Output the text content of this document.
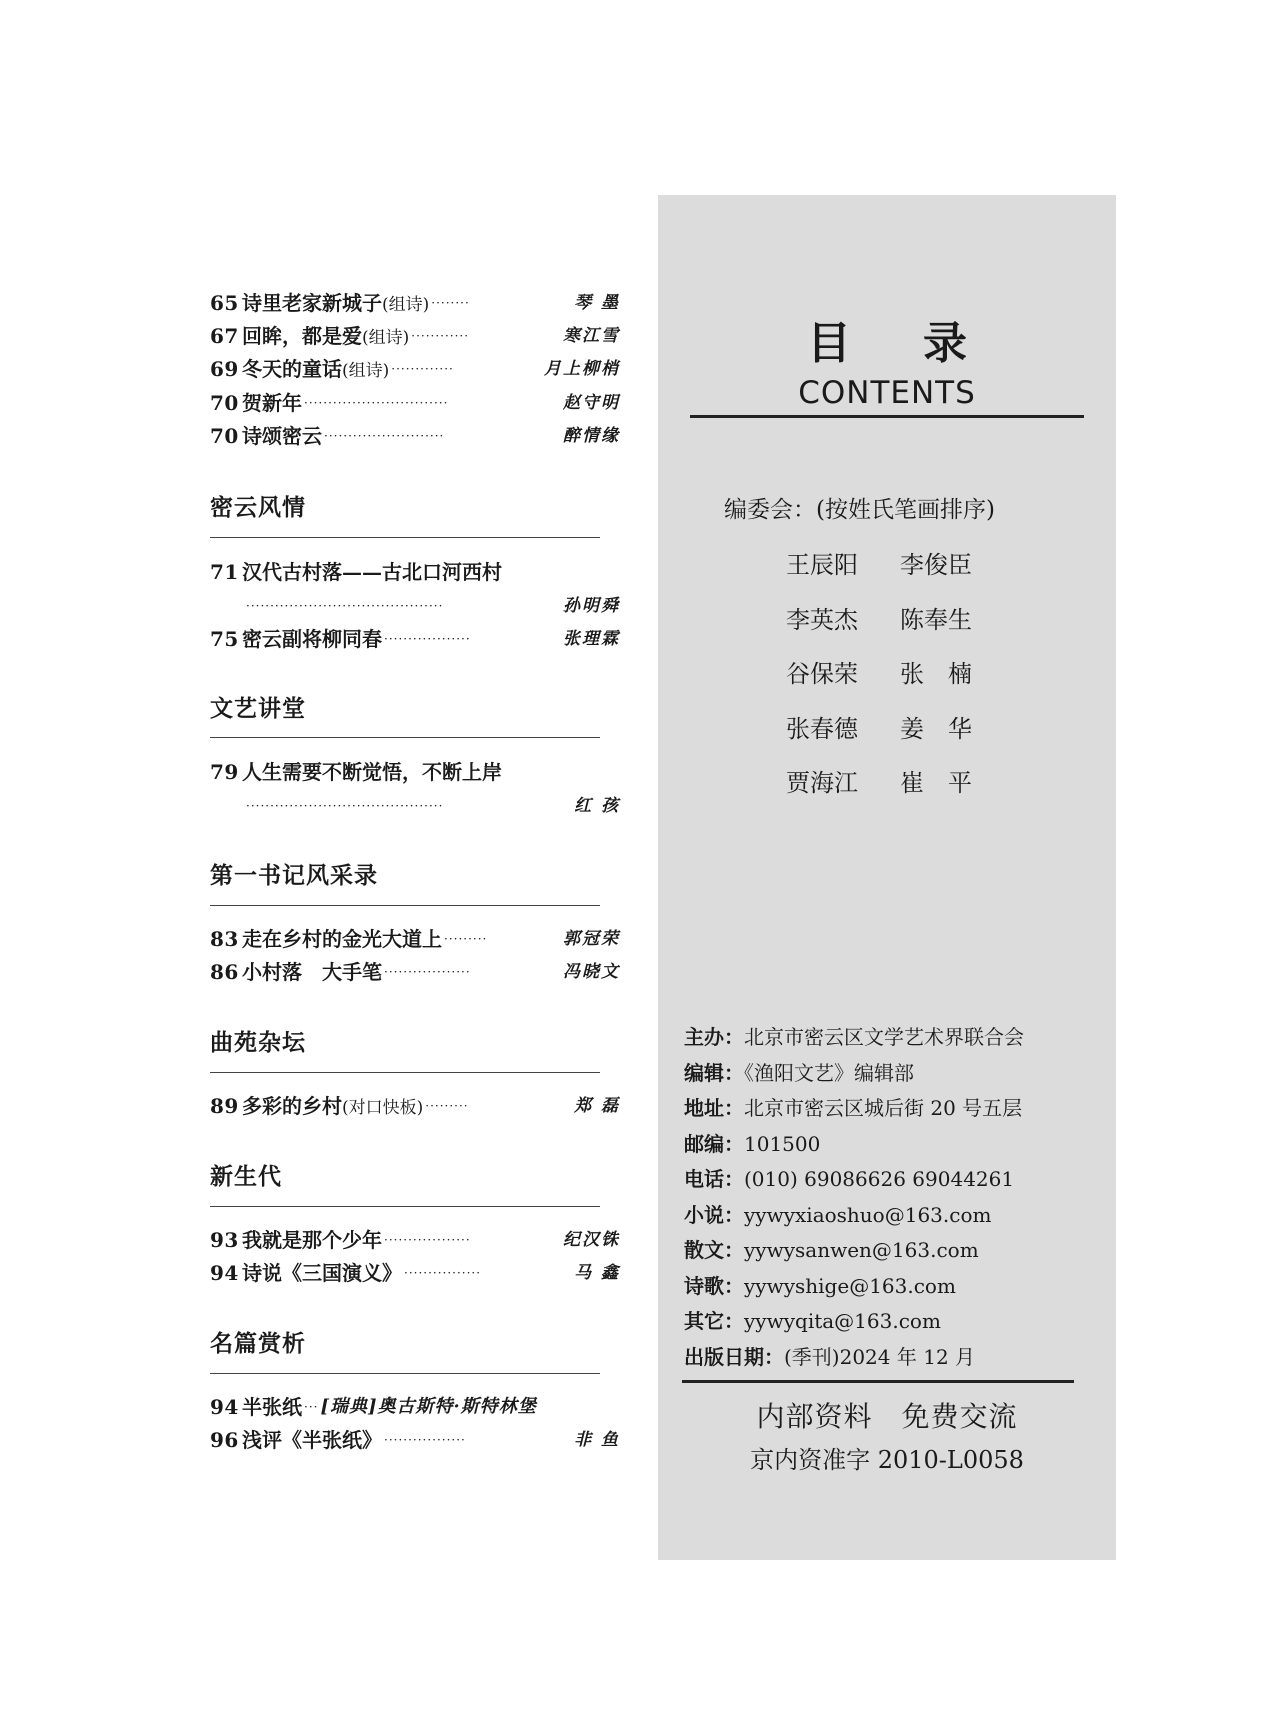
65 诗里老家新城子(组诗) ········	琴 墨
67 回眸，都是爱(组诗) ············	寒江雪
69 冬天的童话(组诗) ·············	月上柳梢
70 贺新年 ······························	赵守明
70 诗颂密云 ·························	醉情缘
密云风情
71 汉代古村落——古北口河西村
·········································	孙明舜
75 密云副将柳同春 ··················	张理霖
文艺讲堂
79 人生需要不断觉悟，不断上岸
·········································	红 孩
第一书记风采录
83 走在乡村的金光大道上 ·········	郭冠荣
86 小村落　大手笔 ··················	冯晓文
曲苑杂坛
89 多彩的乡村(对口快板) ·········	郑 磊
新生代
93 我就是那个少年 ··················	纪汉铢
94 诗说《三国演义》 ················	马 鑫
名篇赏析
94 半张纸 ··· [瑞典]奥古斯特·斯特林堡
96 浅评《半张纸》 ·················	非 鱼
目录
CONTENTS
编委会：(按姓氏笔画排序)
王辰阳 李俊臣
李英杰 陈奉生
谷保荣 张　楠
张春德 姜　华
贾海江 崔　平
主办：北京市密云区文学艺术界联合会
编辑：《渔阳文艺》编辑部
地址：北京市密云区城后街 20 号五层
邮编：101500
电话：(010) 69086626 69044261
小说：yywyxiaoshuo@163.com
散文：yywysanwen@163.com
诗歌：yywyshige@163.com
其它：yywyqita@163.com
出版日期：(季刊)2024 年 12 月
内部资料　免费交流
京内资准字 2010-L0058
